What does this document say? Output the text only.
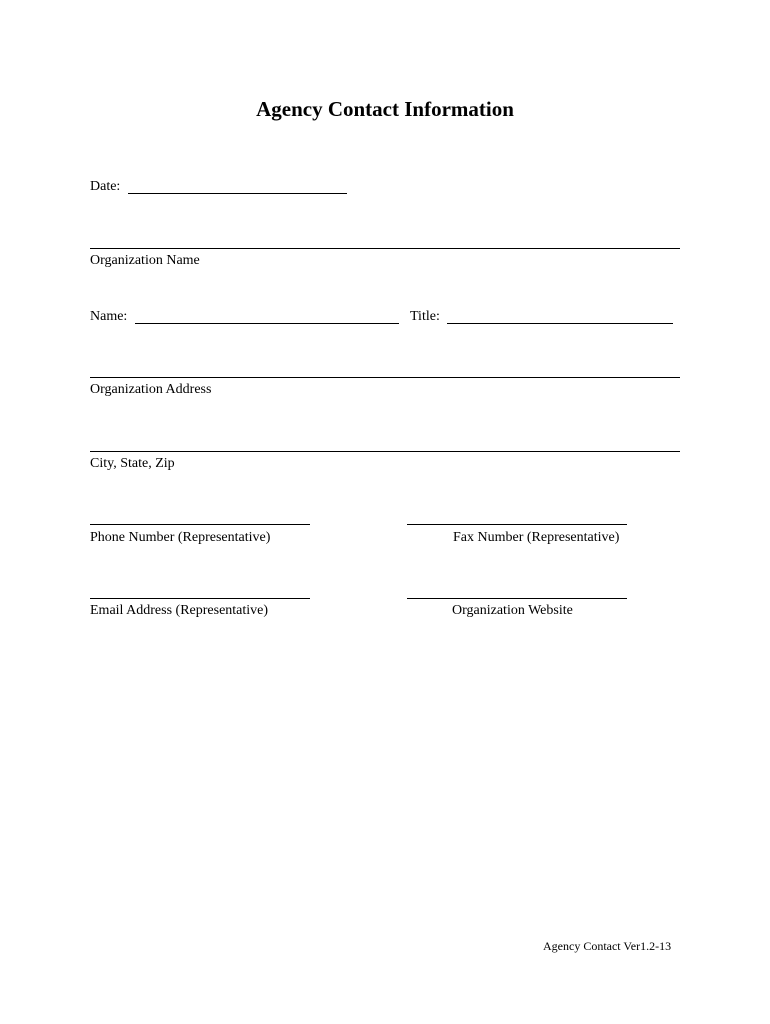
Agency Contact Information
Date:
Organization Name
Name:	Title:
Organization Address
City, State, Zip
Phone Number (Representative)	Fax Number (Representative)
Email Address (Representative)	Organization Website
Agency Contact Ver1.2-13
